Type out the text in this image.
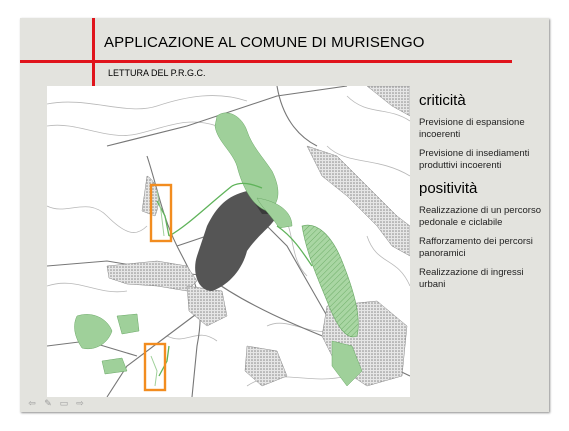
APPLICAZIONE AL COMUNE DI MURISENGO
LETTURA DEL P.R.G.C.
criticità
Previsione di espansione incoerenti
Previsione di insediamenti produttivi incoerenti
positività
Realizzazione di un percorso pedonale e ciclabile
Rafforzamento dei percorsi panoramici
Realizzazione di ingressi urbani
⇦ ✎ ▭ ⇨
